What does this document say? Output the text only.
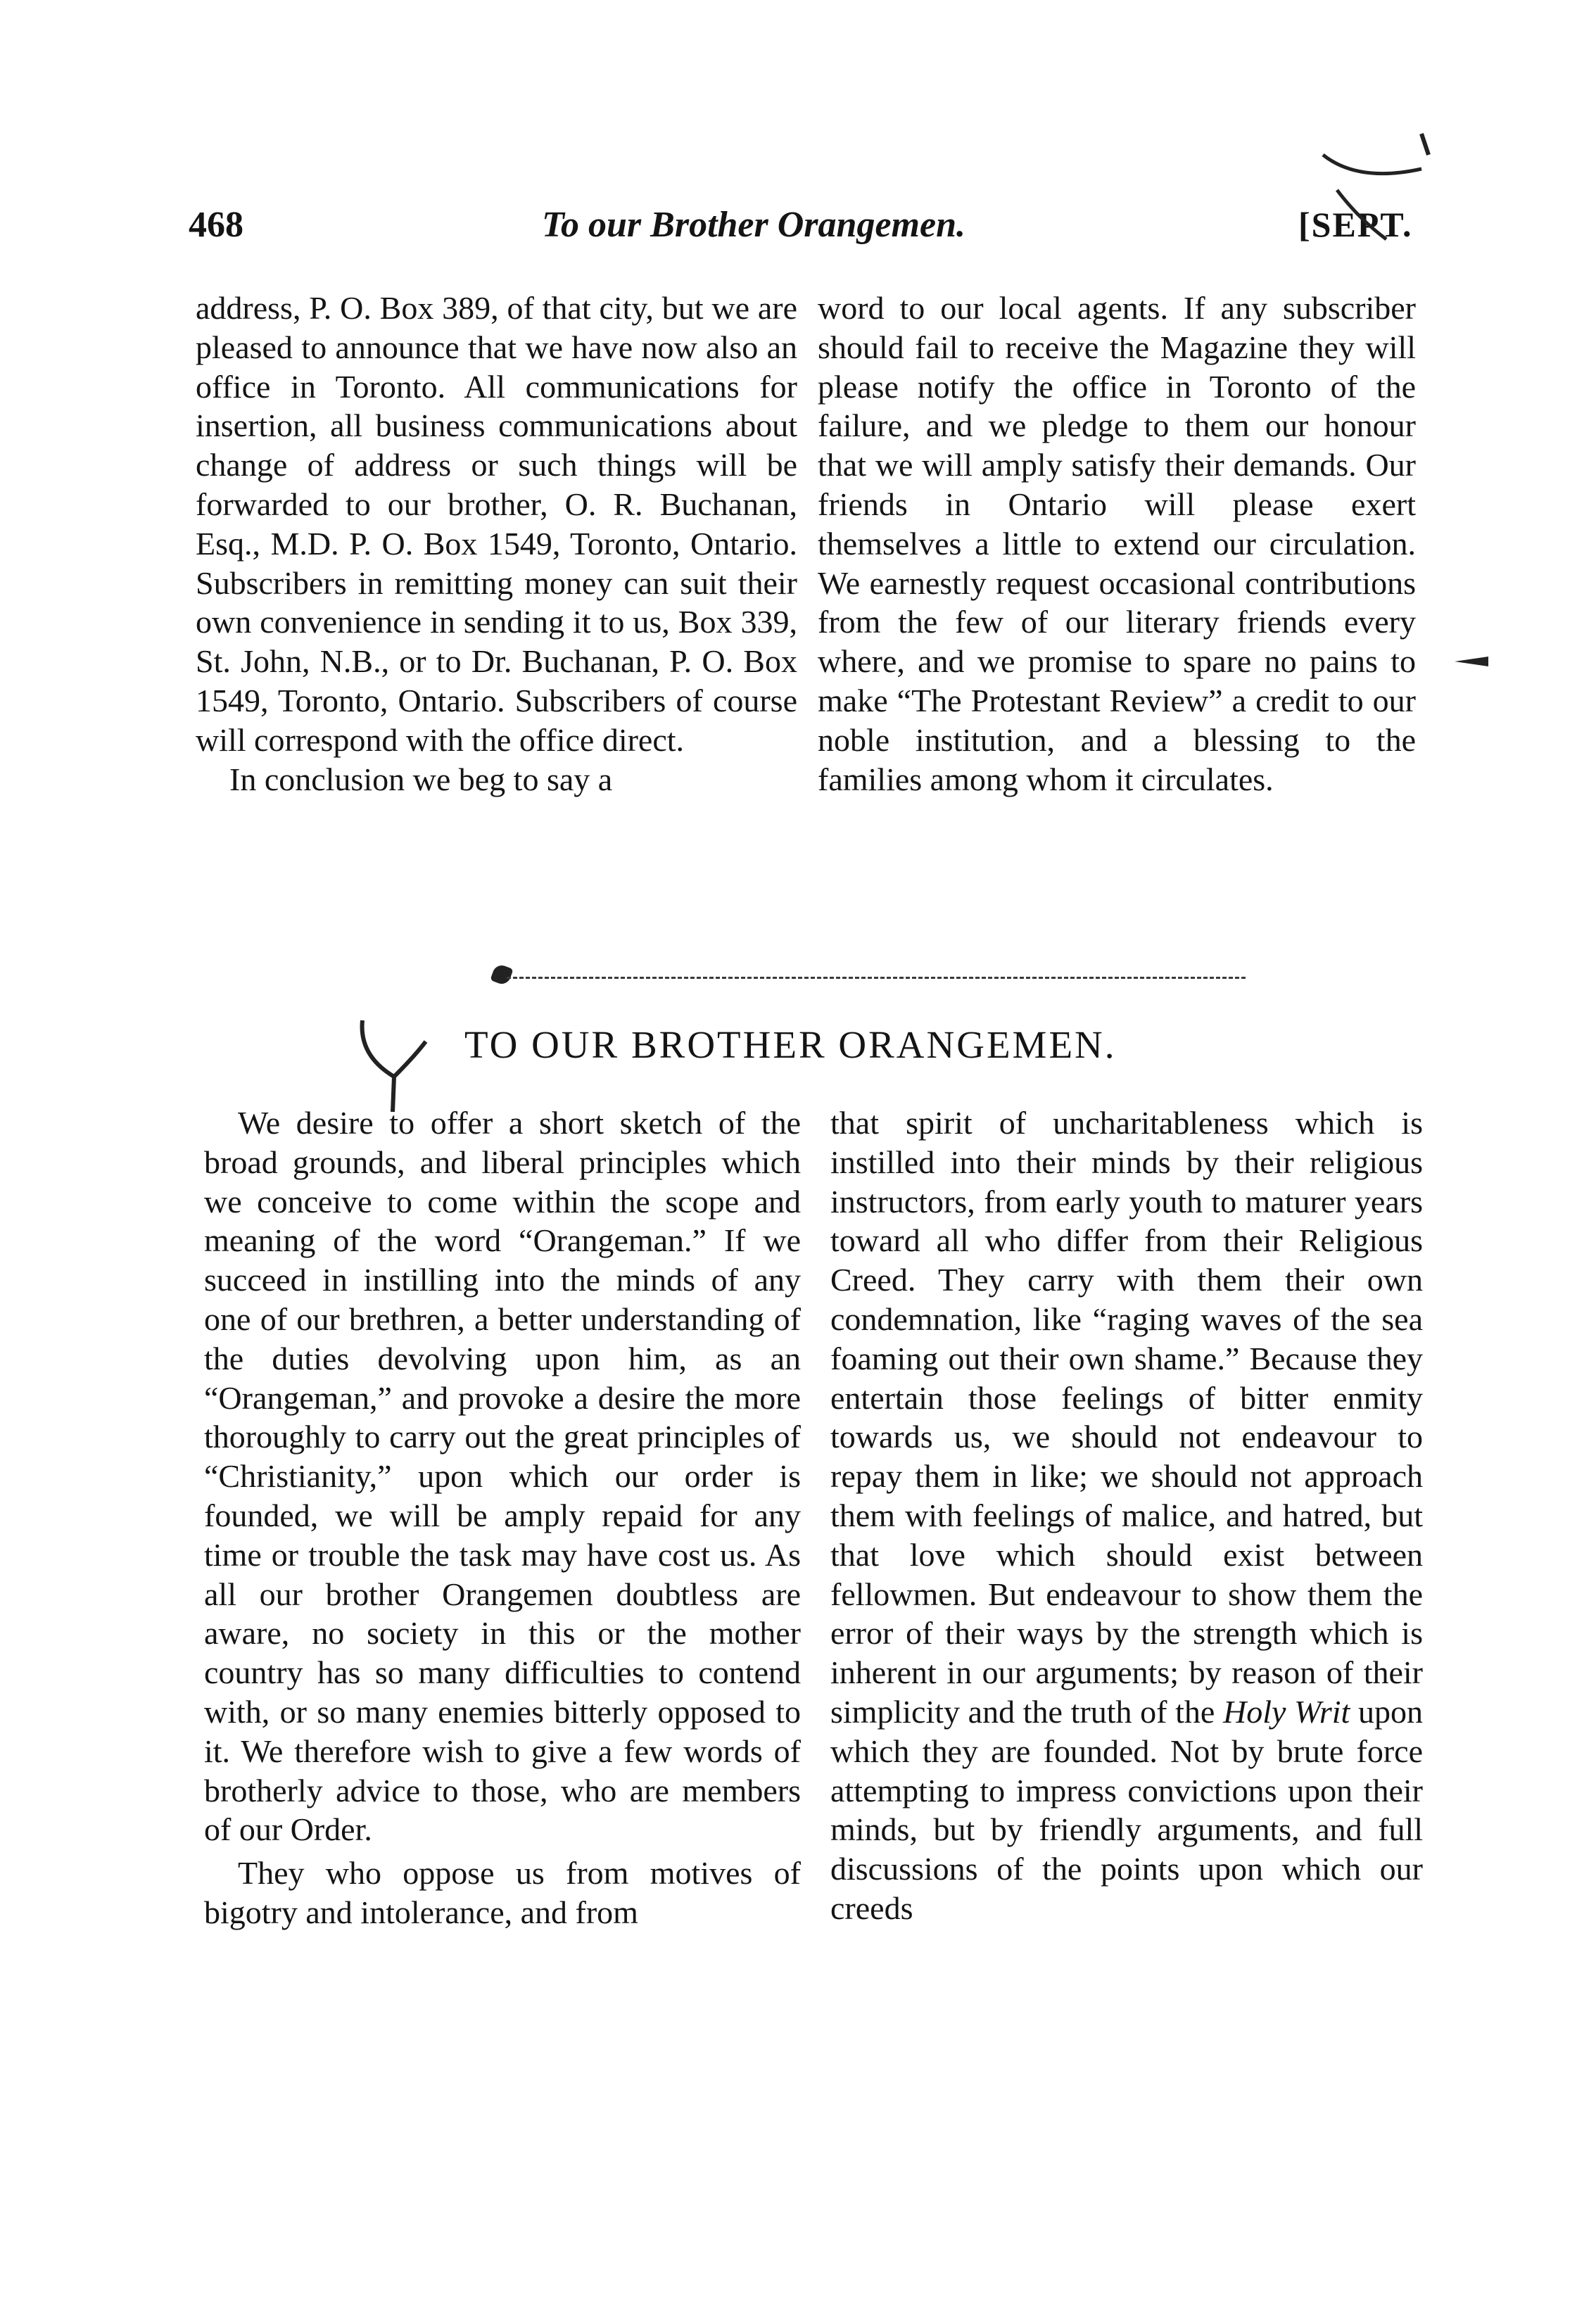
468	To our Brother Orangemen.	[SEPT.

address, P. O. Box 389, of that city, but we are pleased to announce that we have now also an office in Toronto. All communications for insertion, all business communications about change of address or such things will be forwarded to our brother, O. R. Buchanan, Esq., M.D. P. O. Box 1549, Toronto, Ontario. Subscribers in remitting money can suit their own convenience in sending it to us, Box 339, St. John, N.B., or to Dr. Buchanan, P. O. Box 1549, Toronto, Ontario. Subscribers of course will correspond with the office direct.

In conclusion we beg to say a

word to our local agents. If any subscriber should fail to receive the Magazine they will please notify the office in Toronto of the failure, and we pledge to them our honour that we will amply satisfy their demands. Our friends in Ontario will please exert themselves a little to extend our circulation. We earnestly request occasional contributions from the few of our literary friends every where, and we promise to spare no pains to make “The Protestant Review” a credit to our noble institution, and a blessing to the families among whom it circulates.

TO OUR BROTHER ORANGEMEN.

We desire to offer a short sketch of the broad grounds, and liberal principles which we conceive to come within the scope and meaning of the word “Orangeman.” If we succeed in instilling into the minds of any one of our brethren, a better understanding of the duties devolving upon him, as an “Orangeman,” and provoke a desire the more thoroughly to carry out the great principles of “Christianity,” upon which our order is founded, we will be amply repaid for any time or trouble the task may have cost us. As all our brother Orangemen doubtless are aware, no society in this or the mother country has so many difficulties to contend with, or so many enemies bitterly opposed to it. We therefore wish to give a few words of brotherly advice to those, who are members of our Order.

They who oppose us from motives of bigotry and intolerance, and from

that spirit of uncharitableness which is instilled into their minds by their religious instructors, from early youth to maturer years toward all who differ from their Religious Creed. They carry with them their own condemnation, like “raging waves of the sea foaming out their own shame.” Because they entertain those feelings of bitter enmity towards us, we should not endeavour to repay them in like; we should not approach them with feelings of malice, and hatred, but that love which should exist between fellowmen. But endeavour to show them the error of their ways by the strength which is inherent in our arguments; by reason of their simplicity and the truth of the Holy Writ upon which they are founded. Not by brute force attempting to impress convictions upon their minds, but by friendly arguments, and full discussions of the points upon which our creeds
